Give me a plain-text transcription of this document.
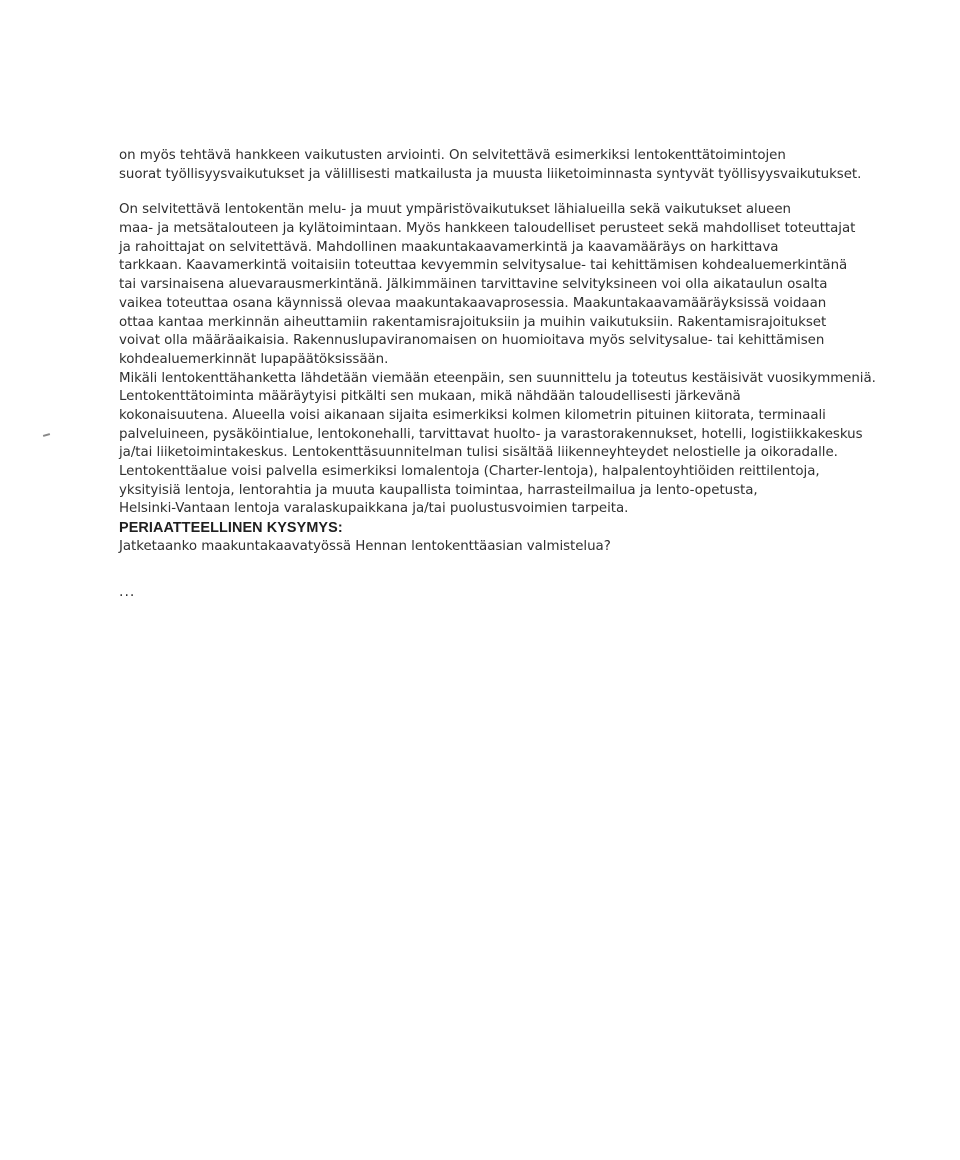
on myös tehtävä hankkeen vaikutusten arviointi. On selvitettävä esimerkiksi lentokenttätoimintojen
suorat työllisyysvaikutukset ja välillisesti matkailusta ja muusta liiketoiminnasta syntyvät työllisyysvaikutukset.
On selvitettävä lentokentän melu- ja muut ympäristövaikutukset lähialueilla sekä vaikutukset alueen
maa- ja metsätalouteen ja kylätoimintaan. Myös hankkeen taloudelliset perusteet sekä mahdolliset toteuttajat
ja rahoittajat on selvitettävä. Mahdollinen maakuntakaavamerkintä ja kaavamääräys on harkittava
tarkkaan. Kaavamerkintä voitaisiin toteuttaa kevyemmin selvitysalue- tai kehittämisen kohdealuemerkintänä
tai varsinaisena aluevarausmerkintänä. Jälkimmäinen tarvittavine selvityksineen voi olla aikataulun osalta
vaikea toteuttaa osana käynnissä olevaa maakuntakaavaprosessia. Maakuntakaavamääräyksissä voidaan
ottaa kantaa merkinnän aiheuttamiin rakentamisrajoituksiin ja muihin vaikutuksiin. Rakentamisrajoitukset
voivat olla määräaikaisia. Rakennuslupaviranomaisen on huomioitava myös selvitysalue- tai kehittämisen
kohdealuemerkinnät lupapäätöksissään.
Mikäli lentokenttähanketta lähdetään viemään eteenpäin, sen suunnittelu ja toteutus kestäisivät vuosikymmeniä.
Lentokenttätoiminta määräytyisi pitkälti sen mukaan, mikä nähdään taloudellisesti järkevänä
kokonaisuutena. Alueella voisi aikanaan sijaita esimerkiksi kolmen kilometrin pituinen kiitorata, terminaali
palveluineen, pysäköintialue, lentokonehalli, tarvittavat huolto- ja varastorakennukset, hotelli, logistiikkakeskus
ja/tai liiketoimintakeskus. Lentokenttäsuunnitelman tulisi sisältää liikenneyhteydet nelostielle ja oikoradalle.
Lentokenttäalue voisi palvella esimerkiksi lomalentoja (Charter-lentoja), halpalentoyhtiöiden reittilentoja,
yksityisiä lentoja, lentorahtia ja muuta kaupallista toimintaa, harrasteilmailua ja lento-opetusta,
Helsinki-Vantaan lentoja varalaskupaikkana ja/tai puolustusvoimien tarpeita.
PERIAATTEELLINEN KYSYMYS:
Jatketaanko maakuntakaavatyössä Hennan lentokenttäasian valmistelua?
...
